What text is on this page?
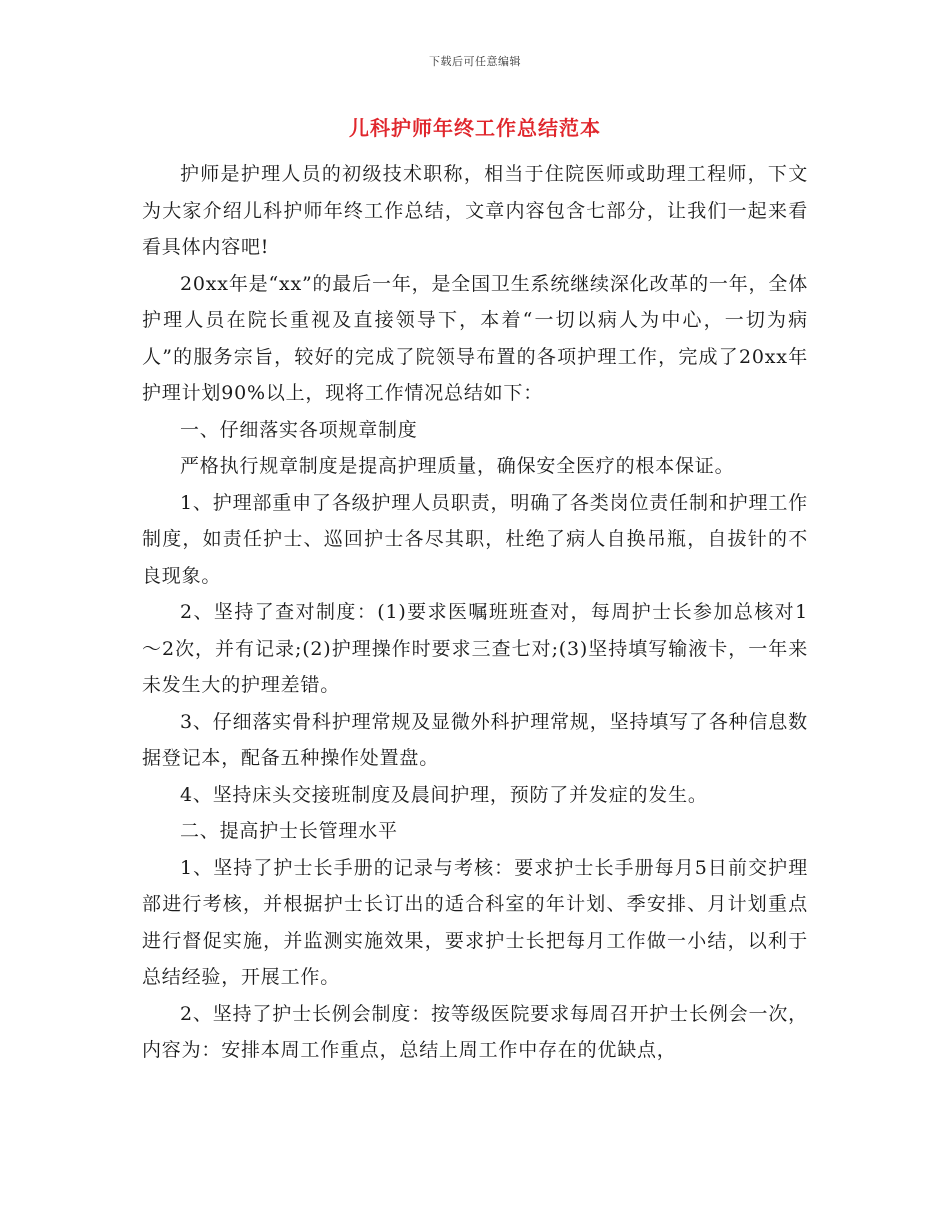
下载后可任意编辑
儿科护师年终工作总结范本

护师是护理人员的初级技术职称，相当于住院医师或助理工程师，下文为大家介绍儿科护师年终工作总结，文章内容包含七部分，让我们一起来看看具体内容吧!

20xx年是“xx”的最后一年，是全国卫生系统继续深化改革的一年，全体护理人员在院长重视及直接领导下，本着“一切以病人为中心，一切为病人”的服务宗旨，较好的完成了院领导布置的各项护理工作，完成了20xx年护理计划90%以上，现将工作情况总结如下：

一、仔细落实各项规章制度

严格执行规章制度是提高护理质量，确保安全医疗的根本保证。

1、护理部重申了各级护理人员职责，明确了各类岗位责任制和护理工作制度，如责任护士、巡回护士各尽其职，杜绝了病人自换吊瓶，自拔针的不良现象。

2、坚持了查对制度：(1)要求医嘱班班查对，每周护士长参加总核对1～2次，并有记录;(2)护理操作时要求三查七对;(3)坚持填写输液卡，一年来未发生大的护理差错。

3、仔细落实骨科护理常规及显微外科护理常规，坚持填写了各种信息数据登记本，配备五种操作处置盘。

4、坚持床头交接班制度及晨间护理，预防了并发症的发生。

二、提高护士长管理水平

1、坚持了护士长手册的记录与考核：要求护士长手册每月5日前交护理部进行考核，并根据护士长订出的适合科室的年计划、季安排、月计划重点进行督促实施，并监测实施效果，要求护士长把每月工作做一小结，以利于总结经验，开展工作。

2、坚持了护士长例会制度：按等级医院要求每周召开护士长例会一次，内容为：安排本周工作重点，总结上周工作中存在的优缺点，
